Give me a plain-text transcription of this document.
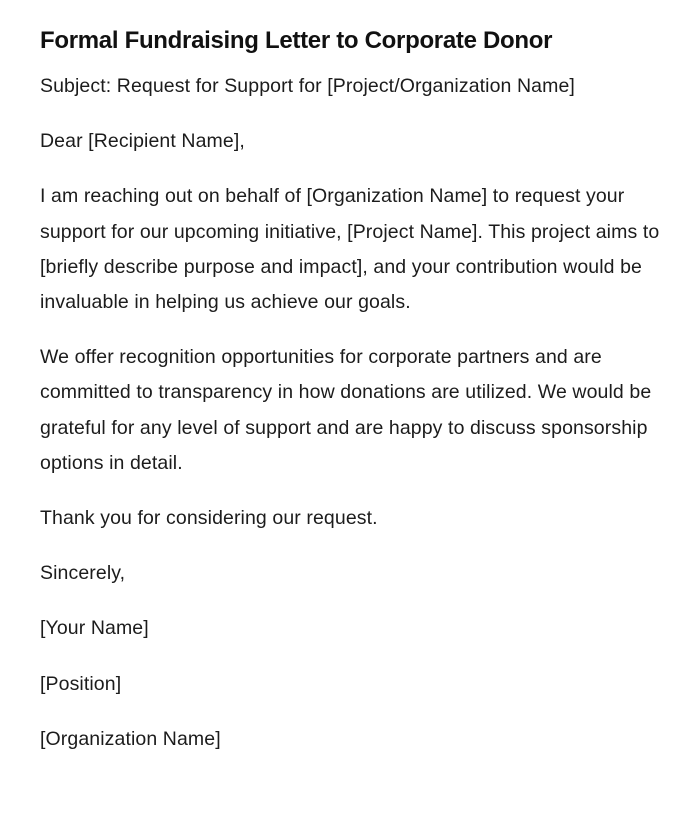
Formal Fundraising Letter to Corporate Donor

Subject: Request for Support for [Project/Organization Name]

Dear [Recipient Name],

I am reaching out on behalf of [Organization Name] to request your support for our upcoming initiative, [Project Name]. This project aims to [briefly describe purpose and impact], and your contribution would be invaluable in helping us achieve our goals.

We offer recognition opportunities for corporate partners and are committed to transparency in how donations are utilized. We would be grateful for any level of support and are happy to discuss sponsorship options in detail.

Thank you for considering our request.

Sincerely,

[Your Name]

[Position]

[Organization Name]
